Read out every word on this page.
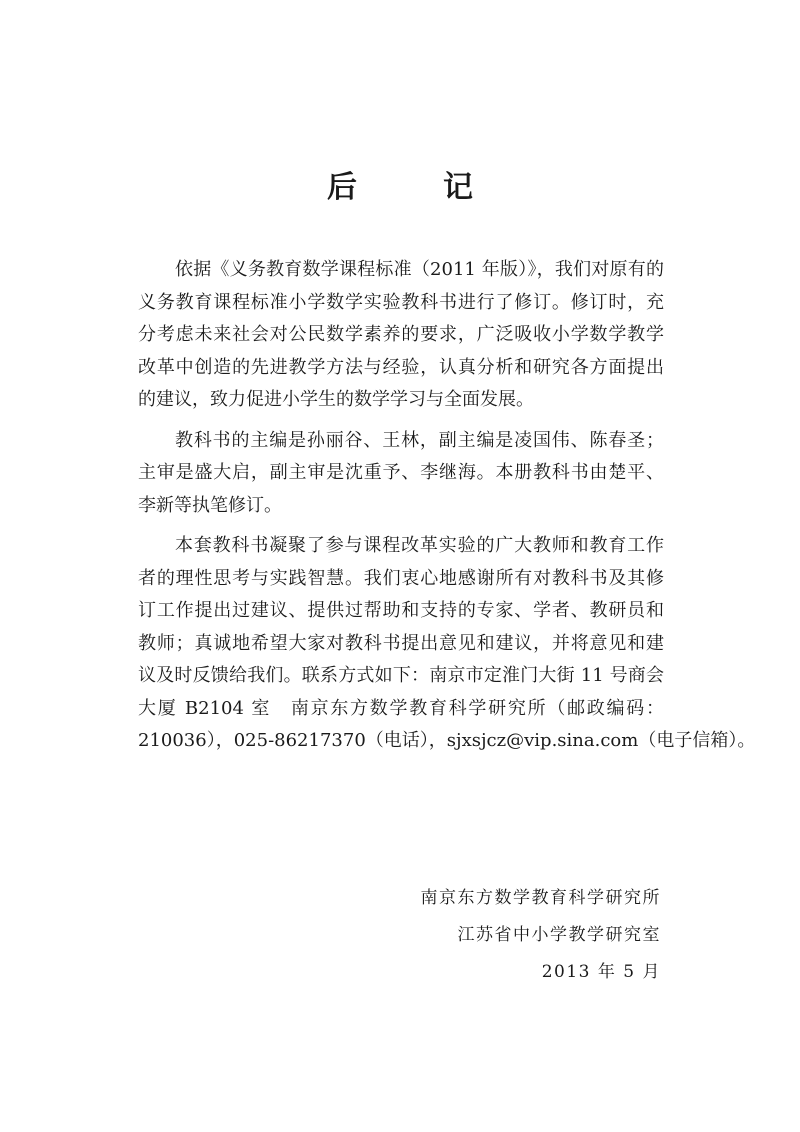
后　记
依据《义务教育数学课程标准（2011 年版）》，我们对原有的
义务教育课程标准小学数学实验教科书进行了修订。修订时，充
分考虑未来社会对公民数学素养的要求，广泛吸收小学数学教学
改革中创造的先进教学方法与经验，认真分析和研究各方面提出
的建议，致力促进小学生的数学学习与全面发展。
教科书的主编是孙丽谷、王林，副主编是凌国伟、陈春圣；
主审是盛大启，副主审是沈重予、李继海。本册教科书由楚平、
李新等执笔修订。
本套教科书凝聚了参与课程改革实验的广大教师和教育工作
者的理性思考与实践智慧。我们衷心地感谢所有对教科书及其修
订工作提出过建议、提供过帮助和支持的专家、学者、教研员和
教师；真诚地希望大家对教科书提出意见和建议，并将意见和建
议及时反馈给我们。联系方式如下：南京市定淮门大街 11 号商会
大厦 B2104 室　南京东方数学教育科学研究所（邮政编码：
210036），025-86217370（电话），sjxsjcz@vip.sina.com（电子信箱）。
南京东方数学教育科学研究所
江苏省中小学教学研究室
2013 年 5 月
